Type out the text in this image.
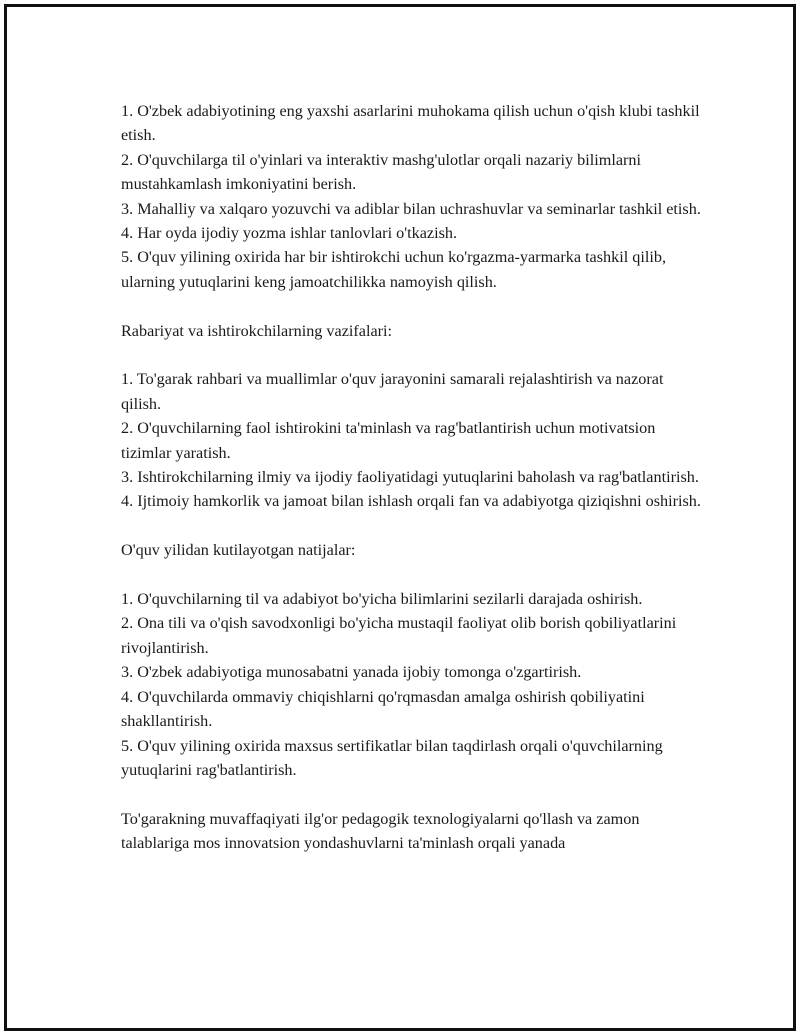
1. O'zbek adabiyotining eng yaxshi asarlarini muhokama qilish uchun o'qish klubi tashkil etish.

2. O'quvchilarga til o'yinlari va interaktiv mashg'ulotlar orqali nazariy bilimlarni mustahkamlash imkoniyatini berish.

3. Mahalliy va xalqaro yozuvchi va adiblar bilan uchrashuvlar va seminarlar tashkil etish.

4. Har oyda ijodiy yozma ishlar tanlovlari o'tkazish.

5. O'quv yilining oxirida har bir ishtirokchi uchun ko'rgazma-yarmarka tashkil qilib, ularning yutuqlarini keng jamoatchilikka namoyish qilish.

Rabariyat va ishtirokchilarning vazifalari:

1. To'garak rahbari va muallimlar o'quv jarayonini samarali rejalashtirish va nazorat qilish.

2. O'quvchilarning faol ishtirokini ta'minlash va rag'batlantirish uchun motivatsion tizimlar yaratish.

3. Ishtirokchilarning ilmiy va ijodiy faoliyatidagi yutuqlarini baholash va rag'batlantirish.

4. Ijtimoiy hamkorlik va jamoat bilan ishlash orqali fan va adabiyotga qiziqishni oshirish.

O'quv yilidan kutilayotgan natijalar:

1. O'quvchilarning til va adabiyot bo'yicha bilimlarini sezilarli darajada oshirish.

2. Ona tili va o'qish savodxonligi bo'yicha mustaqil faoliyat olib borish qobiliyatlarini rivojlantirish.

3. O'zbek adabiyotiga munosabatni yanada ijobiy tomonga o'zgartirish.

4. O'quvchilarda ommaviy chiqishlarni qo'rqmasdan amalga oshirish qobiliyatini shakllantirish.

5. O'quv yilining oxirida maxsus sertifikatlar bilan taqdirlash orqali o'quvchilarning yutuqlarini rag'batlantirish.

To'garakning muvaffaqiyati ilg'or pedagogik texnologiyalarni qo'llash va zamon talablariga mos innovatsion yondashuvlarni ta'minlash orqali yanada
